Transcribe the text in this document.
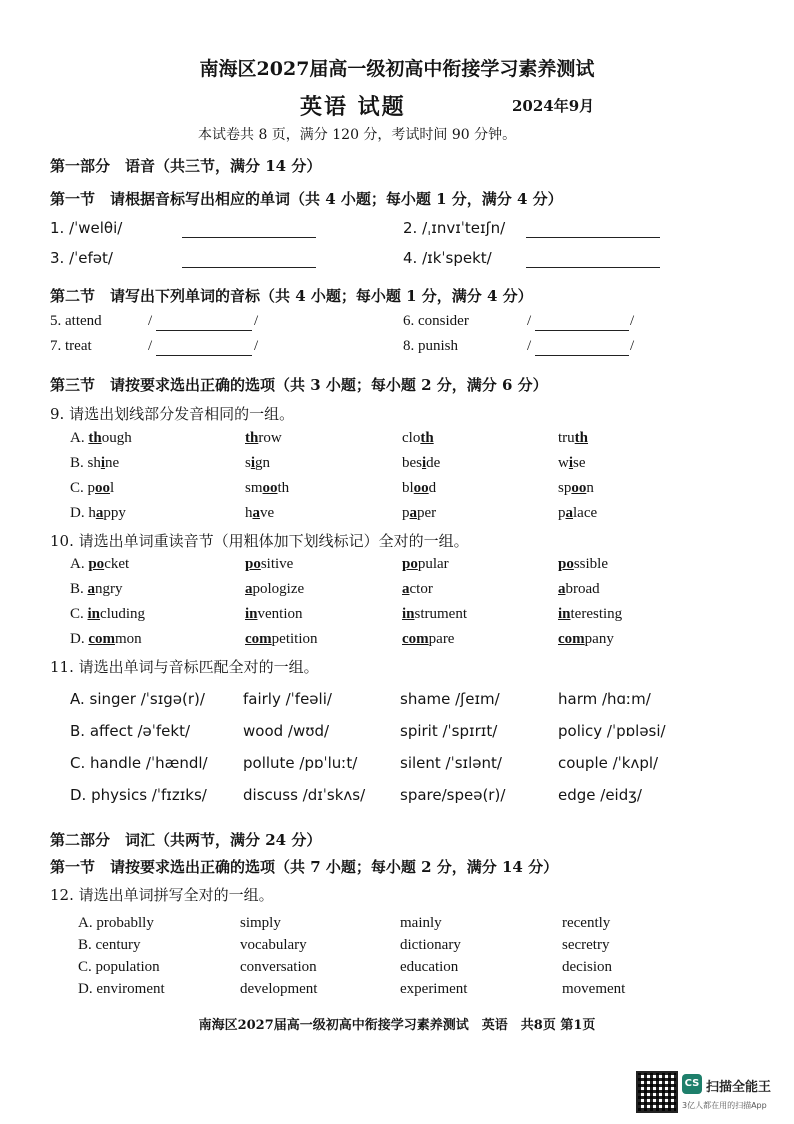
南海区2027届高一级初高中衔接学习素养测试
英语 试题	2024年9月
本试卷共 8 页，满分 120 分，考试时间 90 分钟。
第一部分　语音（共三节，满分 14 分）
第一节　请根据音标写出相应的单词（共 4 小题；每小题 1 分，满分 4 分）
1. /ˈwelθi/	2. /ˌɪnvɪˈteɪʃn/
3. /ˈefət/	4. /ɪkˈspekt/
第二节　请写出下列单词的音标（共 4 小题；每小题 1 分，满分 4 分）
5. attend	/	/	6. consider	/	/
7. treat	/	/	8. punish	/	/
第三节　请按要求选出正确的选项（共 3 小题；每小题 2 分，满分 6 分）
9. 请选出划线部分发音相同的一组。
A. though	throw	cloth	truth
B. shine	sign	beside	wise
C. pool	smooth	blood	spoon
D. happy	have	paper	palace
10. 请选出单词重读音节（用粗体加下划线标记）全对的一组。
A. pocket	positive	popular	possible
B. angry	apologize	actor	abroad
C. including	invention	instrument	interesting
D. common	competition	compare	company
11. 请选出单词与音标匹配全对的一组。
A. singer /ˈsɪgə(r)/	fairly /ˈfeəli/	shame /ʃeɪm/	harm /hɑːm/
B. affect /əˈfekt/	wood /wʊd/	spirit /ˈspɪrɪt/	policy /ˈpɒləsi/
C. handle /ˈhændl/ pollute /pɒˈluːt/	silent /ˈsɪlənt/	couple /ˈkʌpl/
D. physics /ˈfɪzɪks/ discuss /dɪˈskʌs/ spare/speə(r)/	edge /eidʒ/
第二部分　词汇（共两节，满分 24 分）
第一节　请按要求选出正确的选项（共 7 小题；每小题 2 分，满分 14 分）
12. 请选出单词拼写全对的一组。
A. probablly	simply	mainly	recently
B. century	vocabulary	dictionary	secretry
C. population	conversation	education	decision
D. enviroment	development	experiment	movement
南海区2027届高一级初高中衔接学习素养测试　英语　共8页 第1页
CS 扫描全能王
3亿人都在用的扫描App
